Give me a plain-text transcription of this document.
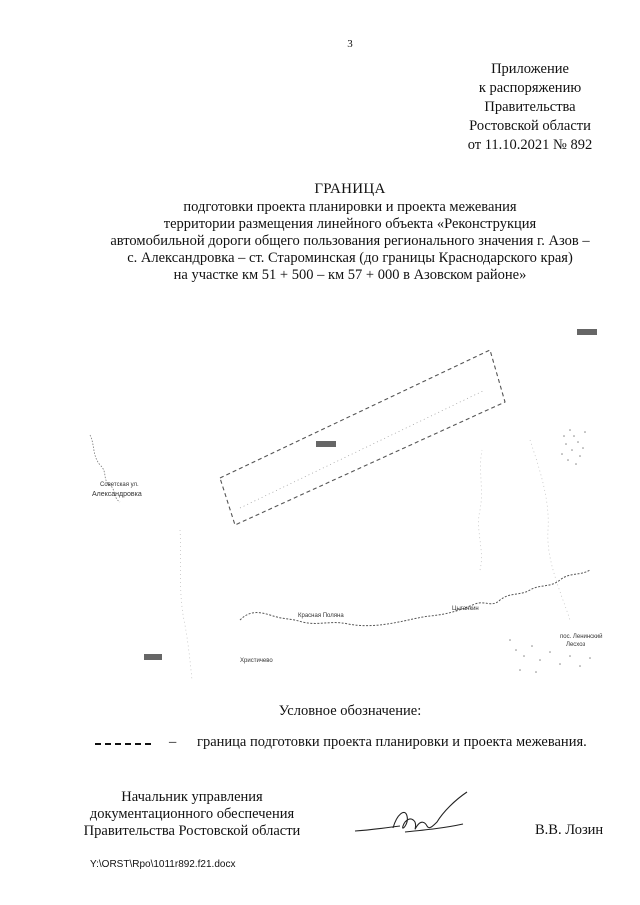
3
Приложение
к распоряжению
Правительства
Ростовской области
от 11.10.2021 № 892
ГРАНИЦА
подготовки проекта планировки и проекта межевания
территории размещения линейного объекта «Реконструкция
автомобильной дороги общего пользования регионального значения г. Азов –
с. Александровка – ст. Староминская (до границы Краснодарского края)
на участке км 51 + 500 – км 57 + 000 в Азовском районе»
Советская ул.
Александровка
Красная Поляна
Христичево
Цыганкин
пос. Ленинский
Лесхоз
Условное обозначение:
– граница подготовки проекта планировки и проекта межевания.
Начальник управления
документационного обеспечения
Правительства Ростовской области	В.В. Лозин
Y:\ORST\Rpo\1011r892.f21.docx
